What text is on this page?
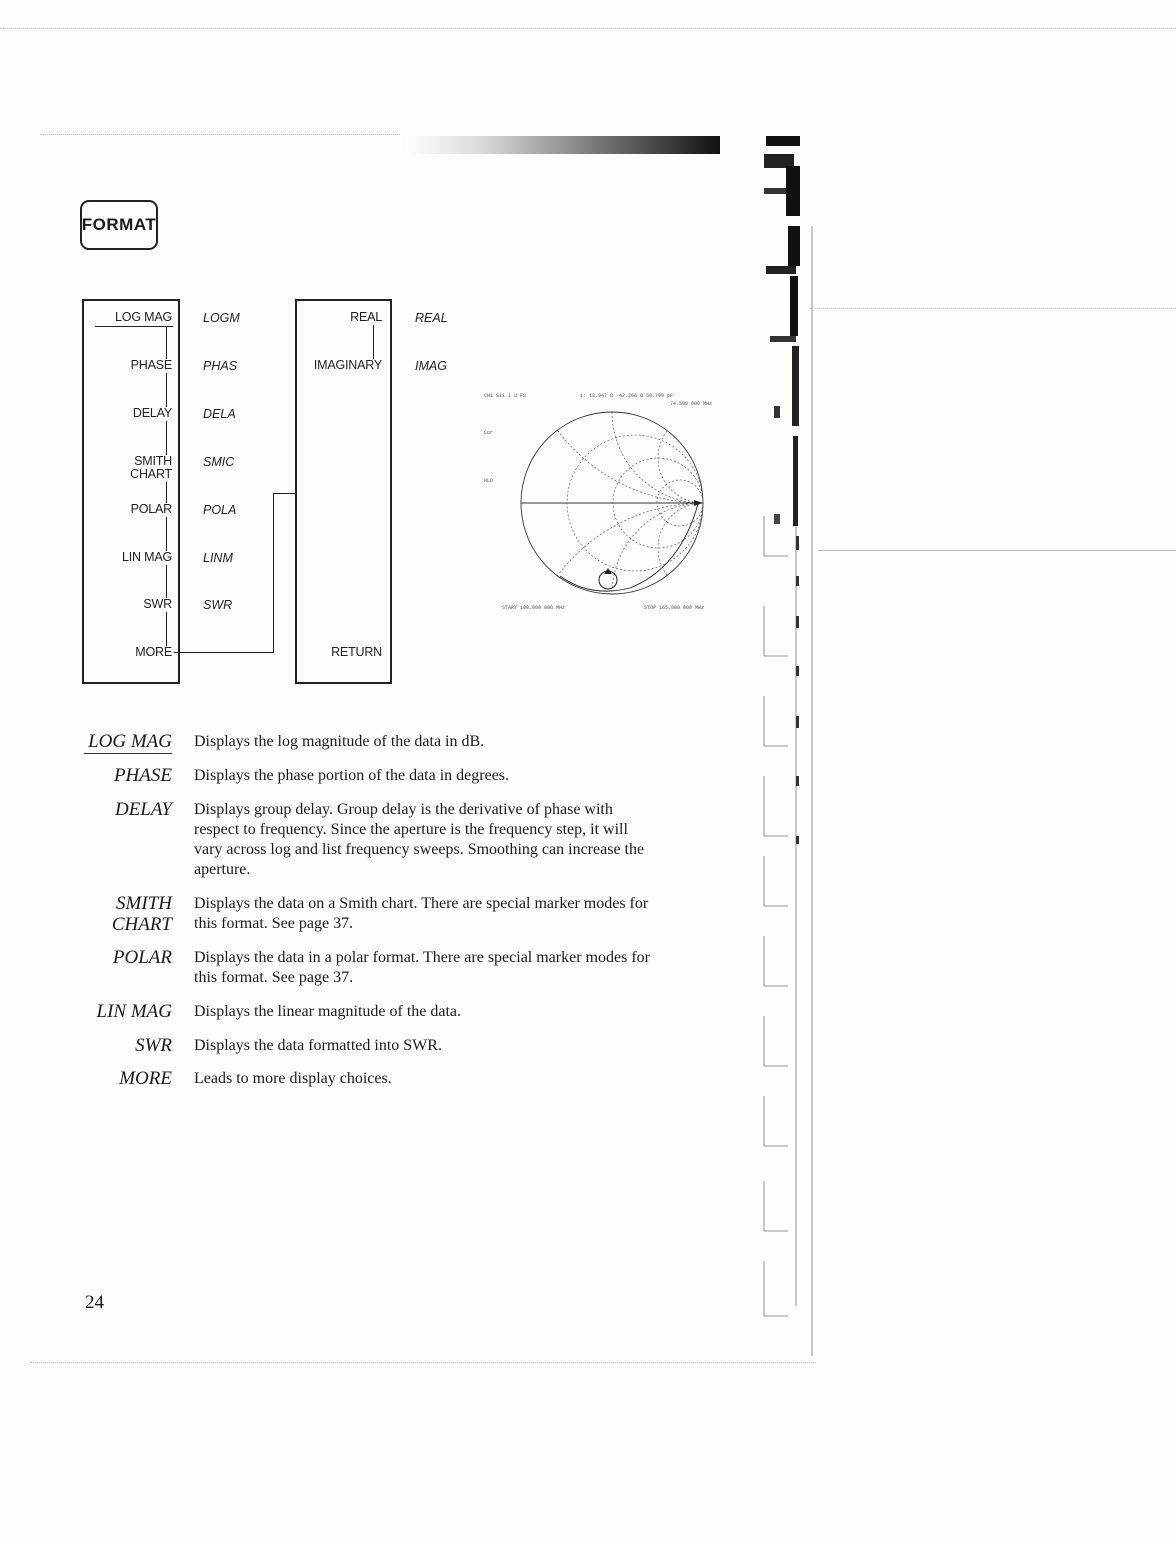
FORMAT
LOG MAG
PHASE
DELAY
SMITH
CHART
POLAR
LIN MAG
SWR
MORE
LOGM
PHAS
DELA
SMIC
POLA
LINM
SWR
REAL
IMAGINARY
RETURN
REAL
IMAG
CH1 S11 1 U FS	1: 13.947 Ω -42.266 Ω 50.799 pF
74.500 000 MHz
Cor
HLD
START 100.000 000 MHz	STOP 165.000 000 MHz
LOG MAG Displays the log magnitude of the data in dB.
PHASE Displays the phase portion of the data in degrees.
DELAY Displays group delay. Group delay is the derivative of phase with respect to frequency. Since the aperture is the frequency step, it will vary across log and list frequency sweeps. Smoothing can increase the aperture.
SMITH
CHART
Displays the data on a Smith chart. There are special marker modes for this format. See page 37.
POLAR Displays the data in a polar format. There are special marker modes for this format. See page 37.
LIN MAG Displays the linear magnitude of the data.
SWR Displays the data formatted into SWR.
MORE Leads to more display choices.
24
